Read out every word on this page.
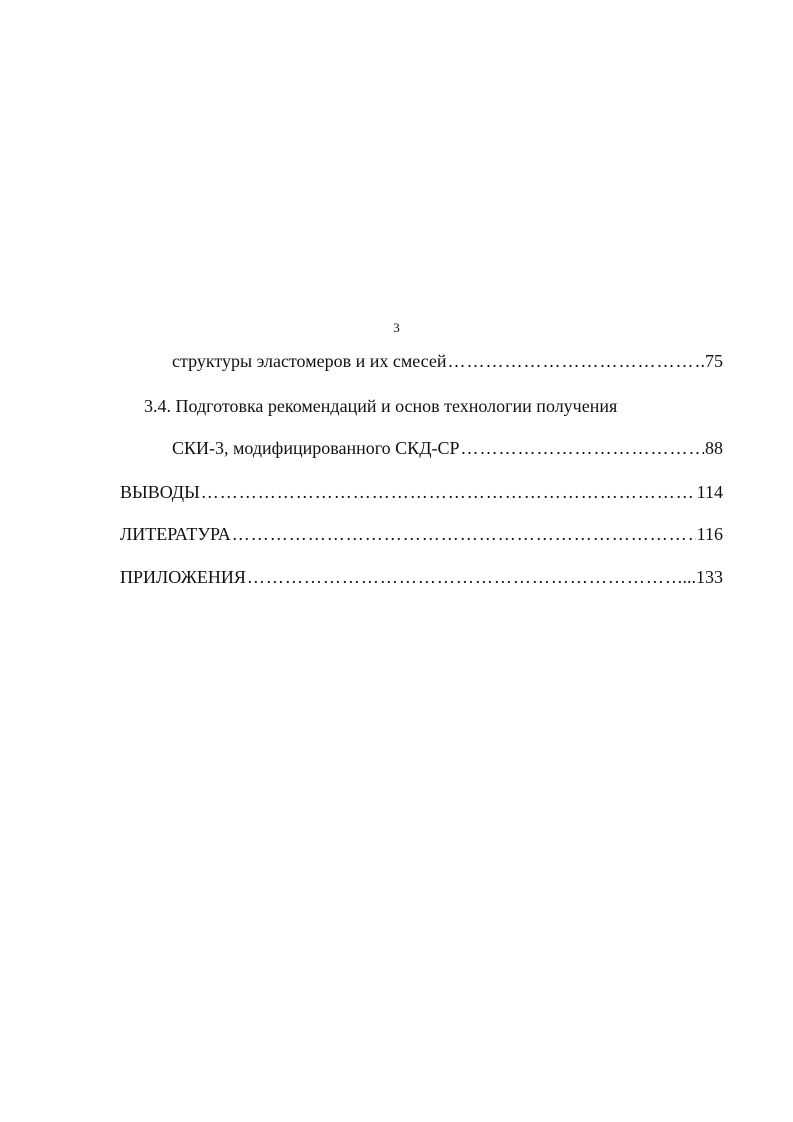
3
структуры эластомеров и их смесей ……………………………………………………………………………………………………………………………………………………	.75
3.4. Подготовка рекомендаций и основ технологии получения
СКИ-3, модифицированного СКД-СР ……………………………………………………………………………………………………………………………………………………	88
ВЫВОДЫ ……………………………………………………………………………………………………………………………………………………	114
ЛИТЕРАТУРА ……………………………………………………………………………………………………………………………………………………	116
ПРИЛОЖЕНИЯ ……………………………………………………………………………………………………………………………………………………	...133
